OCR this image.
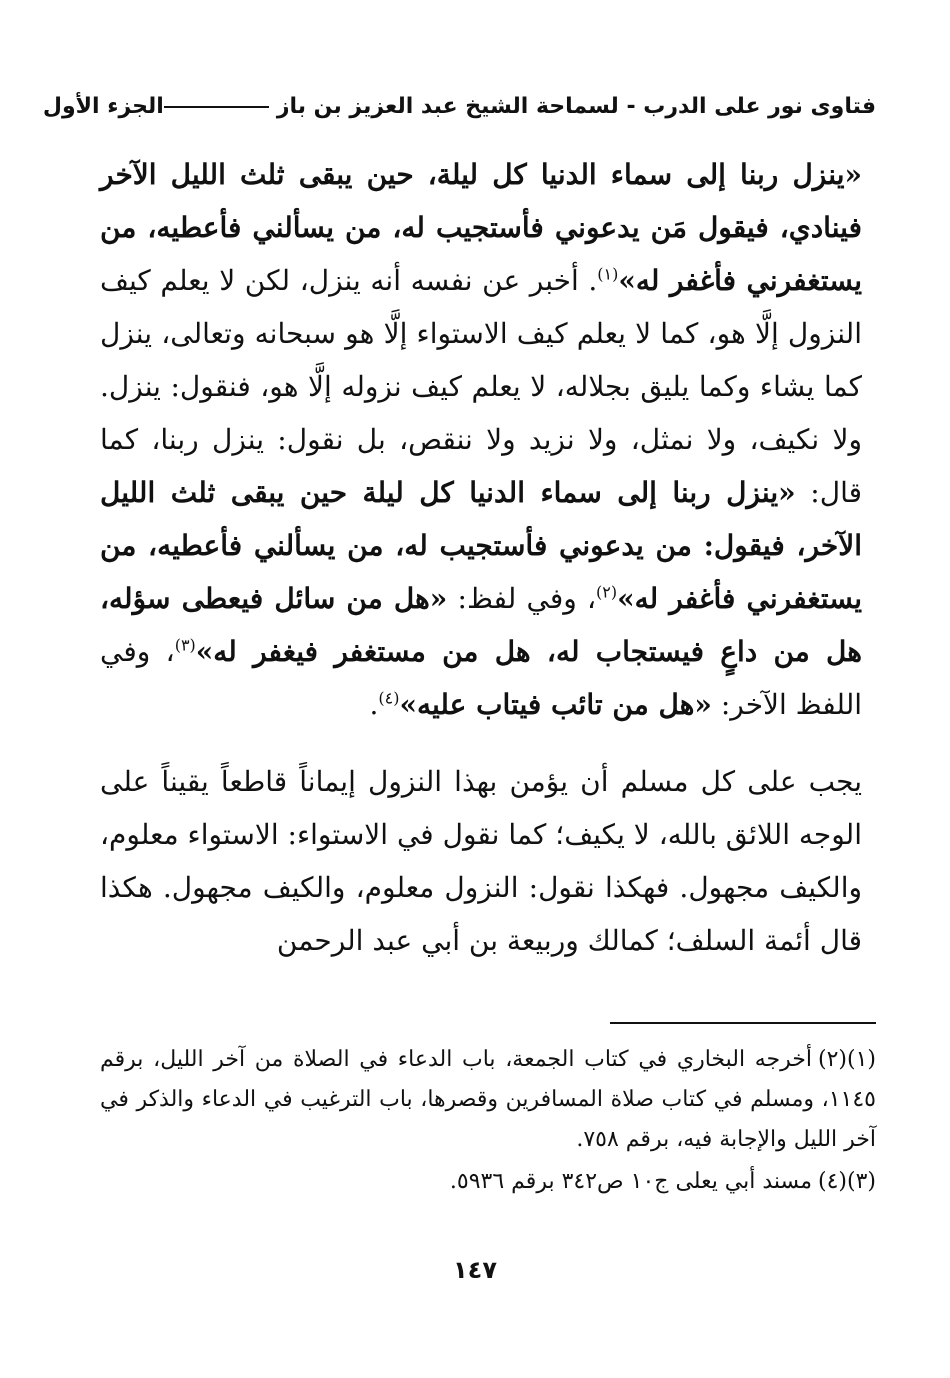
فتاوى نور على الدرب - لسماحة الشيخ عبد العزيز بن باز
الجزء الأول

«ينزل ربنا إلى سماء الدنيا كل ليلة، حين يبقى ثلث الليل الآخر فينادي، فيقول مَن يدعوني فأستجيب له، من يسألني فأعطيه، من يستغفرني فأغفر له»$^{(١)}$. أخبر عن نفسه أنه ينزل، لكن لا يعلم كيف النزول إلَّا هو، كما لا يعلم كيف الاستواء إلَّا هو سبحانه وتعالى، ينزل كما يشاء وكما يليق بجلاله، لا يعلم كيف نزوله إلَّا هو، فنقول: ينزل. ولا نكيف، ولا نمثل، ولا نزيد ولا ننقص، بل نقول: ينزل ربنا، كما قال: «ينزل ربنا إلى سماء الدنيا كل ليلة حين يبقى ثلث الليل الآخر، فيقول: من يدعوني فأستجيب له، من يسألني فأعطيه، من يستغفرني فأغفر له»$^{(٢)}$، وفي لفظ: «هل من سائل فيعطى سؤله، هل من داعٍ فيستجاب له، هل من مستغفر فيغفر له»$^{(٣)}$، وفي اللفظ الآخر: «هل من تائب فيتاب عليه»$^{(٤)}$.

يجب على كل مسلم أن يؤمن بهذا النزول إيماناً قاطعاً يقيناً على الوجه اللائق بالله، لا يكيف؛ كما نقول في الاستواء: الاستواء معلوم، والكيف مجهول. فهكذا نقول: النزول معلوم، والكيف مجهول. هكذا قال أئمة السلف؛ كمالك وربيعة بن أبي عبد الرحمن

(١)(٢)أخرجه البخاري في كتاب الجمعة، باب الدعاء في الصلاة من آخر الليل، برقم ١١٤٥، ومسلم في كتاب صلاة المسافرين وقصرها، باب الترغيب في الدعاء والذكر في آخر الليل والإجابة فيه، برقم ٧٥٨.

(٣)(٤)مسند أبي يعلى ج١٠ ص٣٤٢ برقم ٥٩٣٦.

١٤٧
